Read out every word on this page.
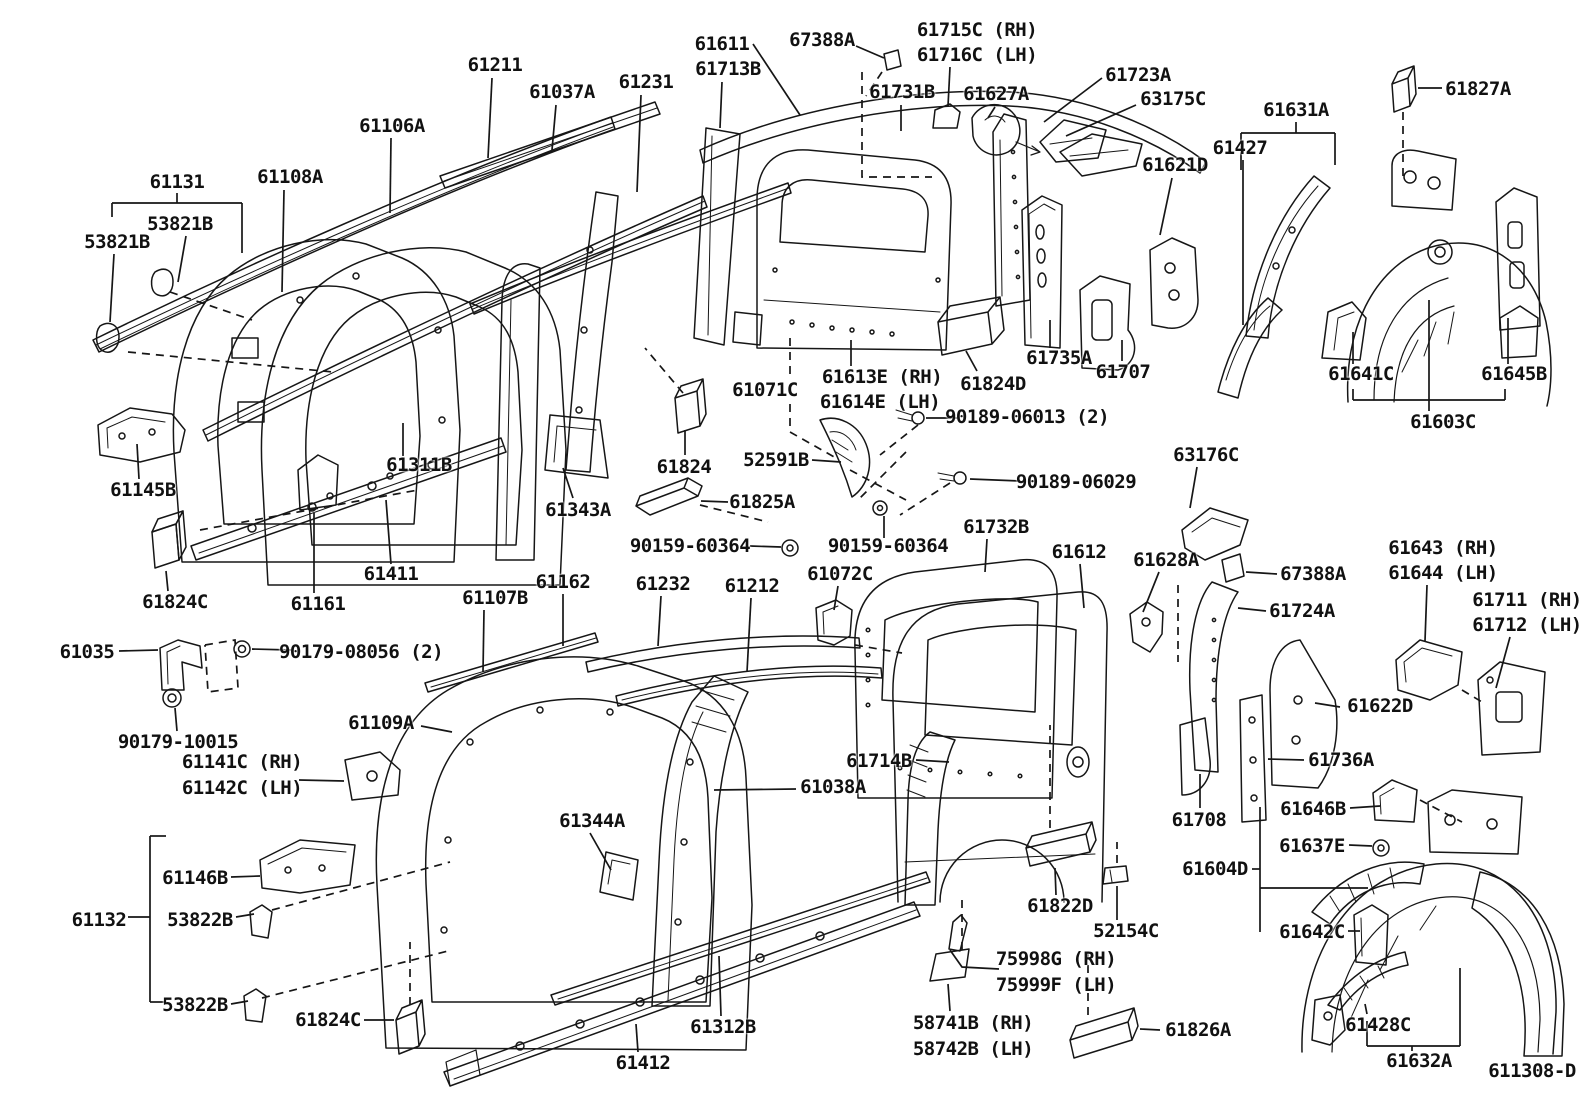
611308-D
61131
53821B
53821B
61108A
61106A
61211
61037A 61231
61611
61713B
67388A	61715C (RH)
61716C (LH)
61731B 61627A
61723A
63175C	61631A
61427
61827A
61621D
61735A
61707	61641C	61645B
61603C
61824D
61613E (RH)
61614E (LH)
61071C
90189-06013 (2)
52591B
90189-06029
61825A
90159-60364	90159-60364
61824
61343A
61311B
61145B
61824C	61161
61411
61035	90179-08056 (2)
90179-10015
61141C (RH)
61142C (LH)
61109A
61107B
61162 61232 61212
61072C
61732B
61612 61628A
63176C
67388A
61724A
61643 (RH)
61644 (LH)
61711 (RH)
61712 (LH)
61622D
61736A
61714B
61708
61604D
61646B
61637E
61642C
61428C
61632A
61826A
61822D
52154C
75998G (RH)
75999F (LH)
58741B (RH)
58742B (LH)
61412
61312B
61344A
61038A
61146B
61132 53822B
53822B
61824C
